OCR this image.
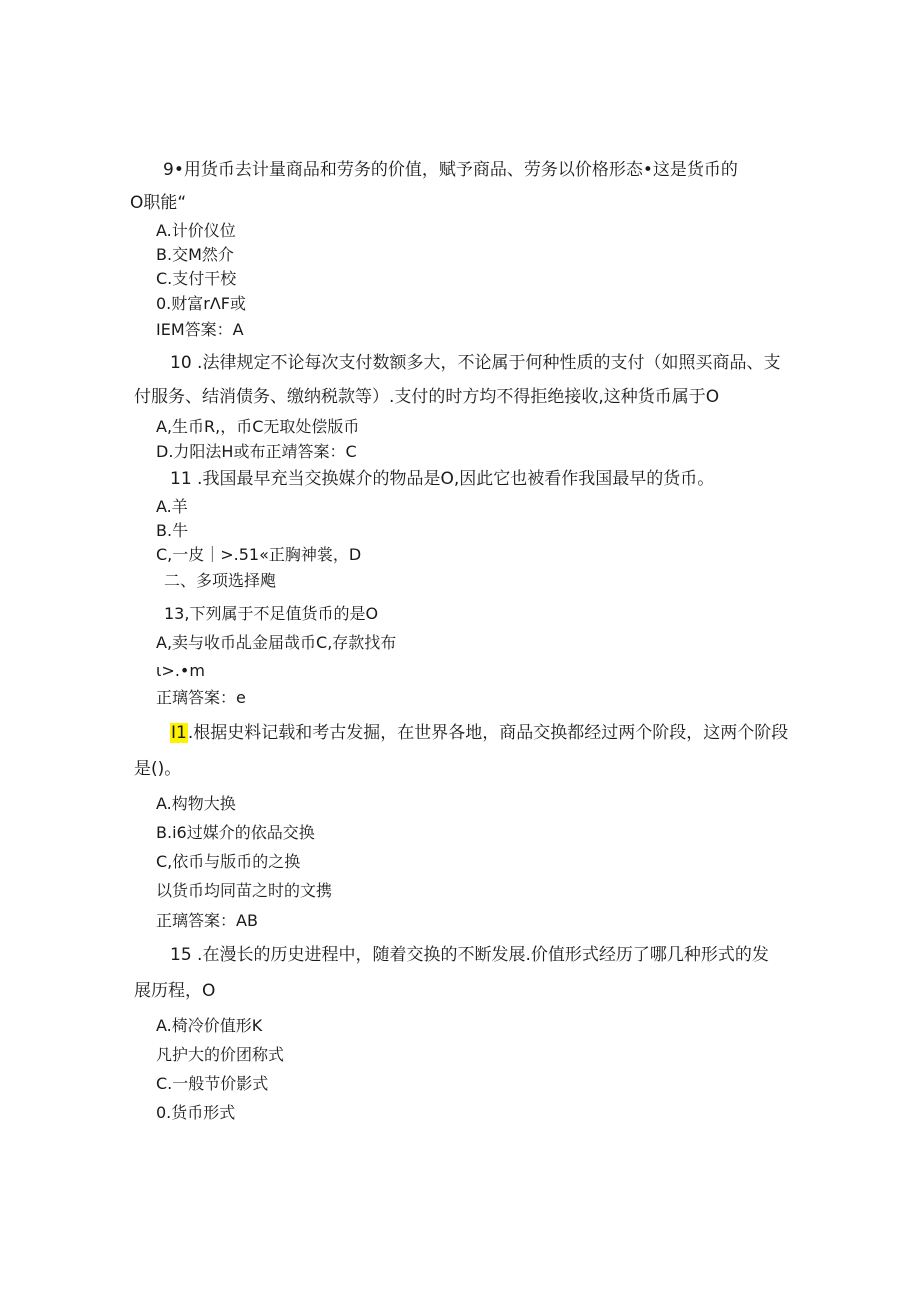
9•用货币去计量商品和劳务的价值，赋予商品、劳务以价格形态•这是货币的
O职能“
A.计价仪位
B.交M然介
C.支付干校
0.财富rΛF或
IEM答案：A
10 .法律规定不论每次支付数额多大，不论属于何种性质的支付（如照买商品、支
付服务、结消债务、缴纳税款等）.支付的时方均不得拒绝接收,这种货币属于O
A,生币R,，币C无取处偿版币
D.力阳法H或布正靖答案：C
11 .我国最早充当交换媒介的物品是O,因此它也被看作我国最早的货币。
A.羊
B.牛
C,一皮｜>.51«正胸神裳，D
二、多项选择飑
13,下列属于不足值货币的是O
A,卖与收币乩金届哉币C,存款找布
ι>.•m
正璃答案：e
I1.根据史料记载和考古发掘，在世界各地，商品交换都经过两个阶段，这两个阶段
是()。
A.构物大换
B.i6过媒介的依品交换
C,依币与版币的之换
以货币均同苗之时的文携
正璃答案：AB
15 .在漫长的历史进程中，随着交换的不断发展.价值形式经历了哪几种形式的发
展历程，O
A.椅冷价值形K
凡护大的价团称式
C.一般节价影式
0.货币形式
